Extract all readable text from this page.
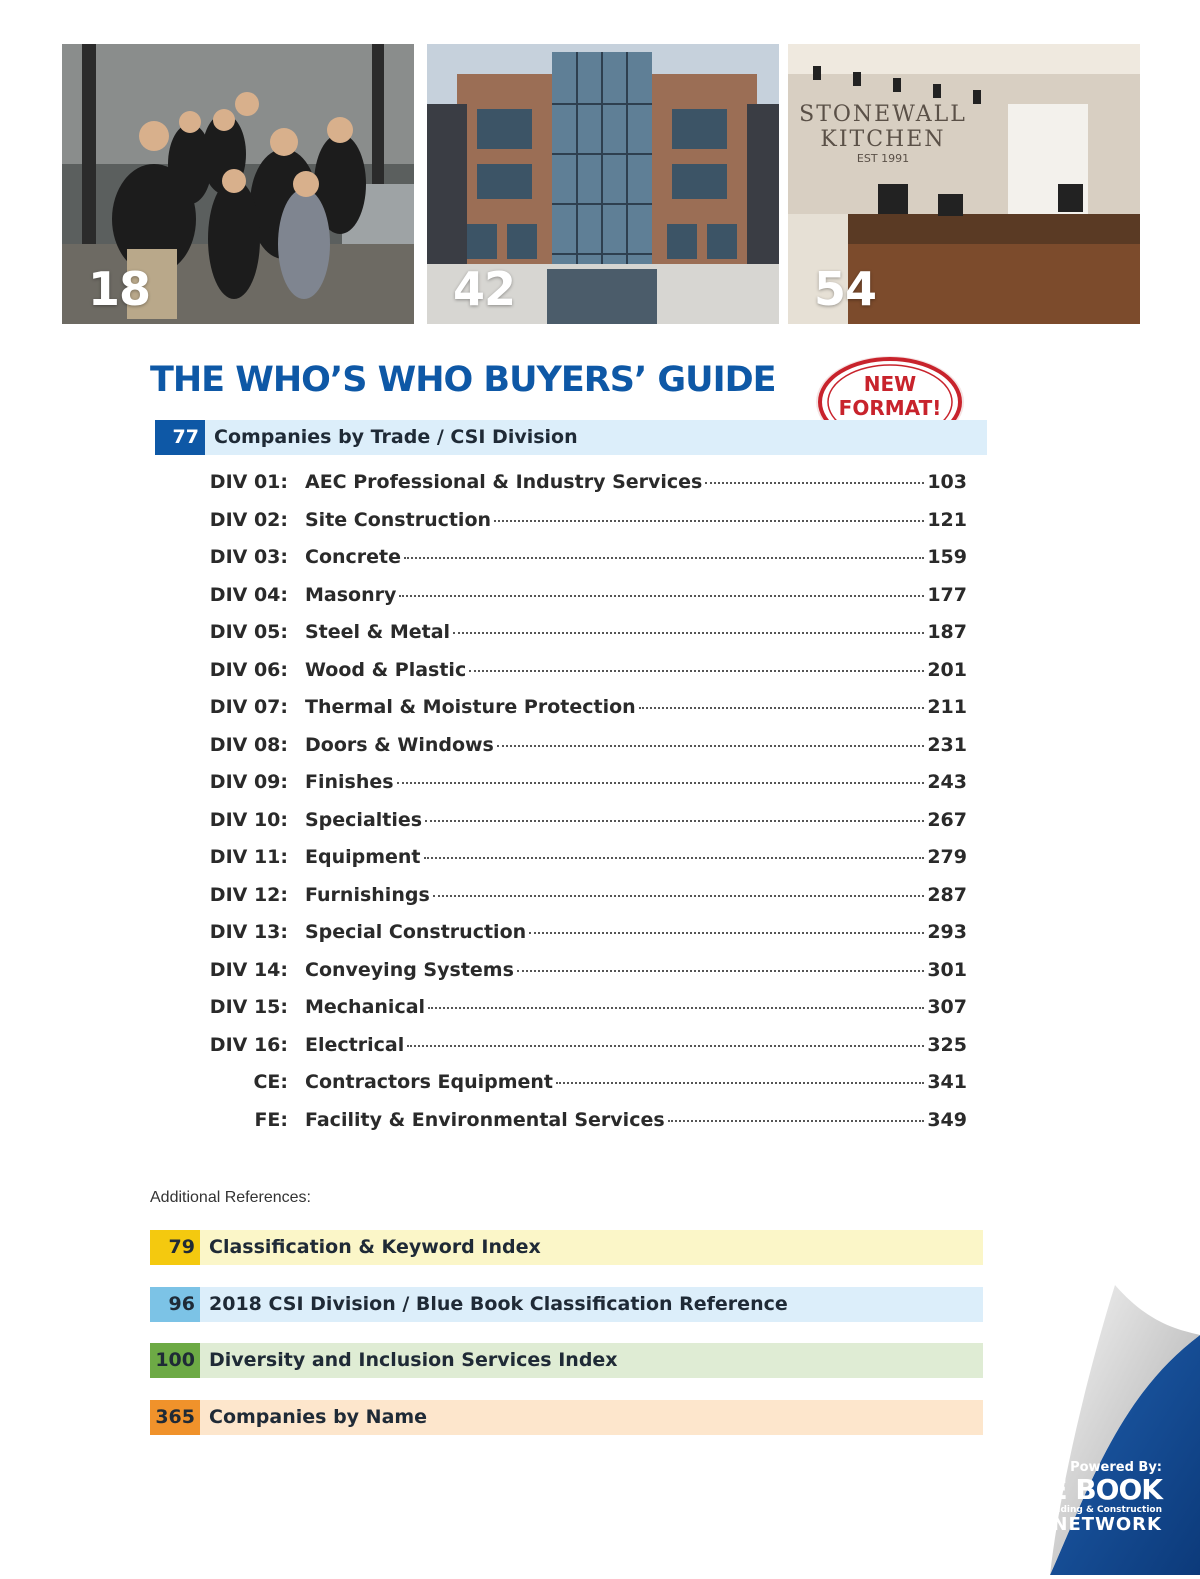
18	42
STONEWALL
KITCHEN
EST 1991
54
THE WHO’S WHO BUYERS’ GUIDE	NEW
FORMAT!
77 Companies by Trade / CSI Division
DIV 01: AEC Professional & Industry Services	103
DIV 02: Site Construction	121
DIV 03: Concrete	159
DIV 04: Masonry	177
DIV 05: Steel & Metal	187
DIV 06: Wood & Plastic	201
DIV 07: Thermal & Moisture Protection	211
DIV 08: Doors & Windows	231
DIV 09: Finishes	243
DIV 10: Specialties	267
DIV 11: Equipment	279
DIV 12: Furnishings	287
DIV 13: Special Construction	293
DIV 14: Conveying Systems	301
DIV 15: Mechanical	307
DIV 16: Electrical	325
CE: Contractors Equipment	341
FE: Facility & Environmental Services	349
Additional References:
79 Classification & Keyword Index
96 2018 CSI Division / Blue Book Classification Reference
100 Diversity and Inclusion Services Index
365 Companies by Name
Powered By:
BLUE BOOK
Building & Construction
NETWORK
